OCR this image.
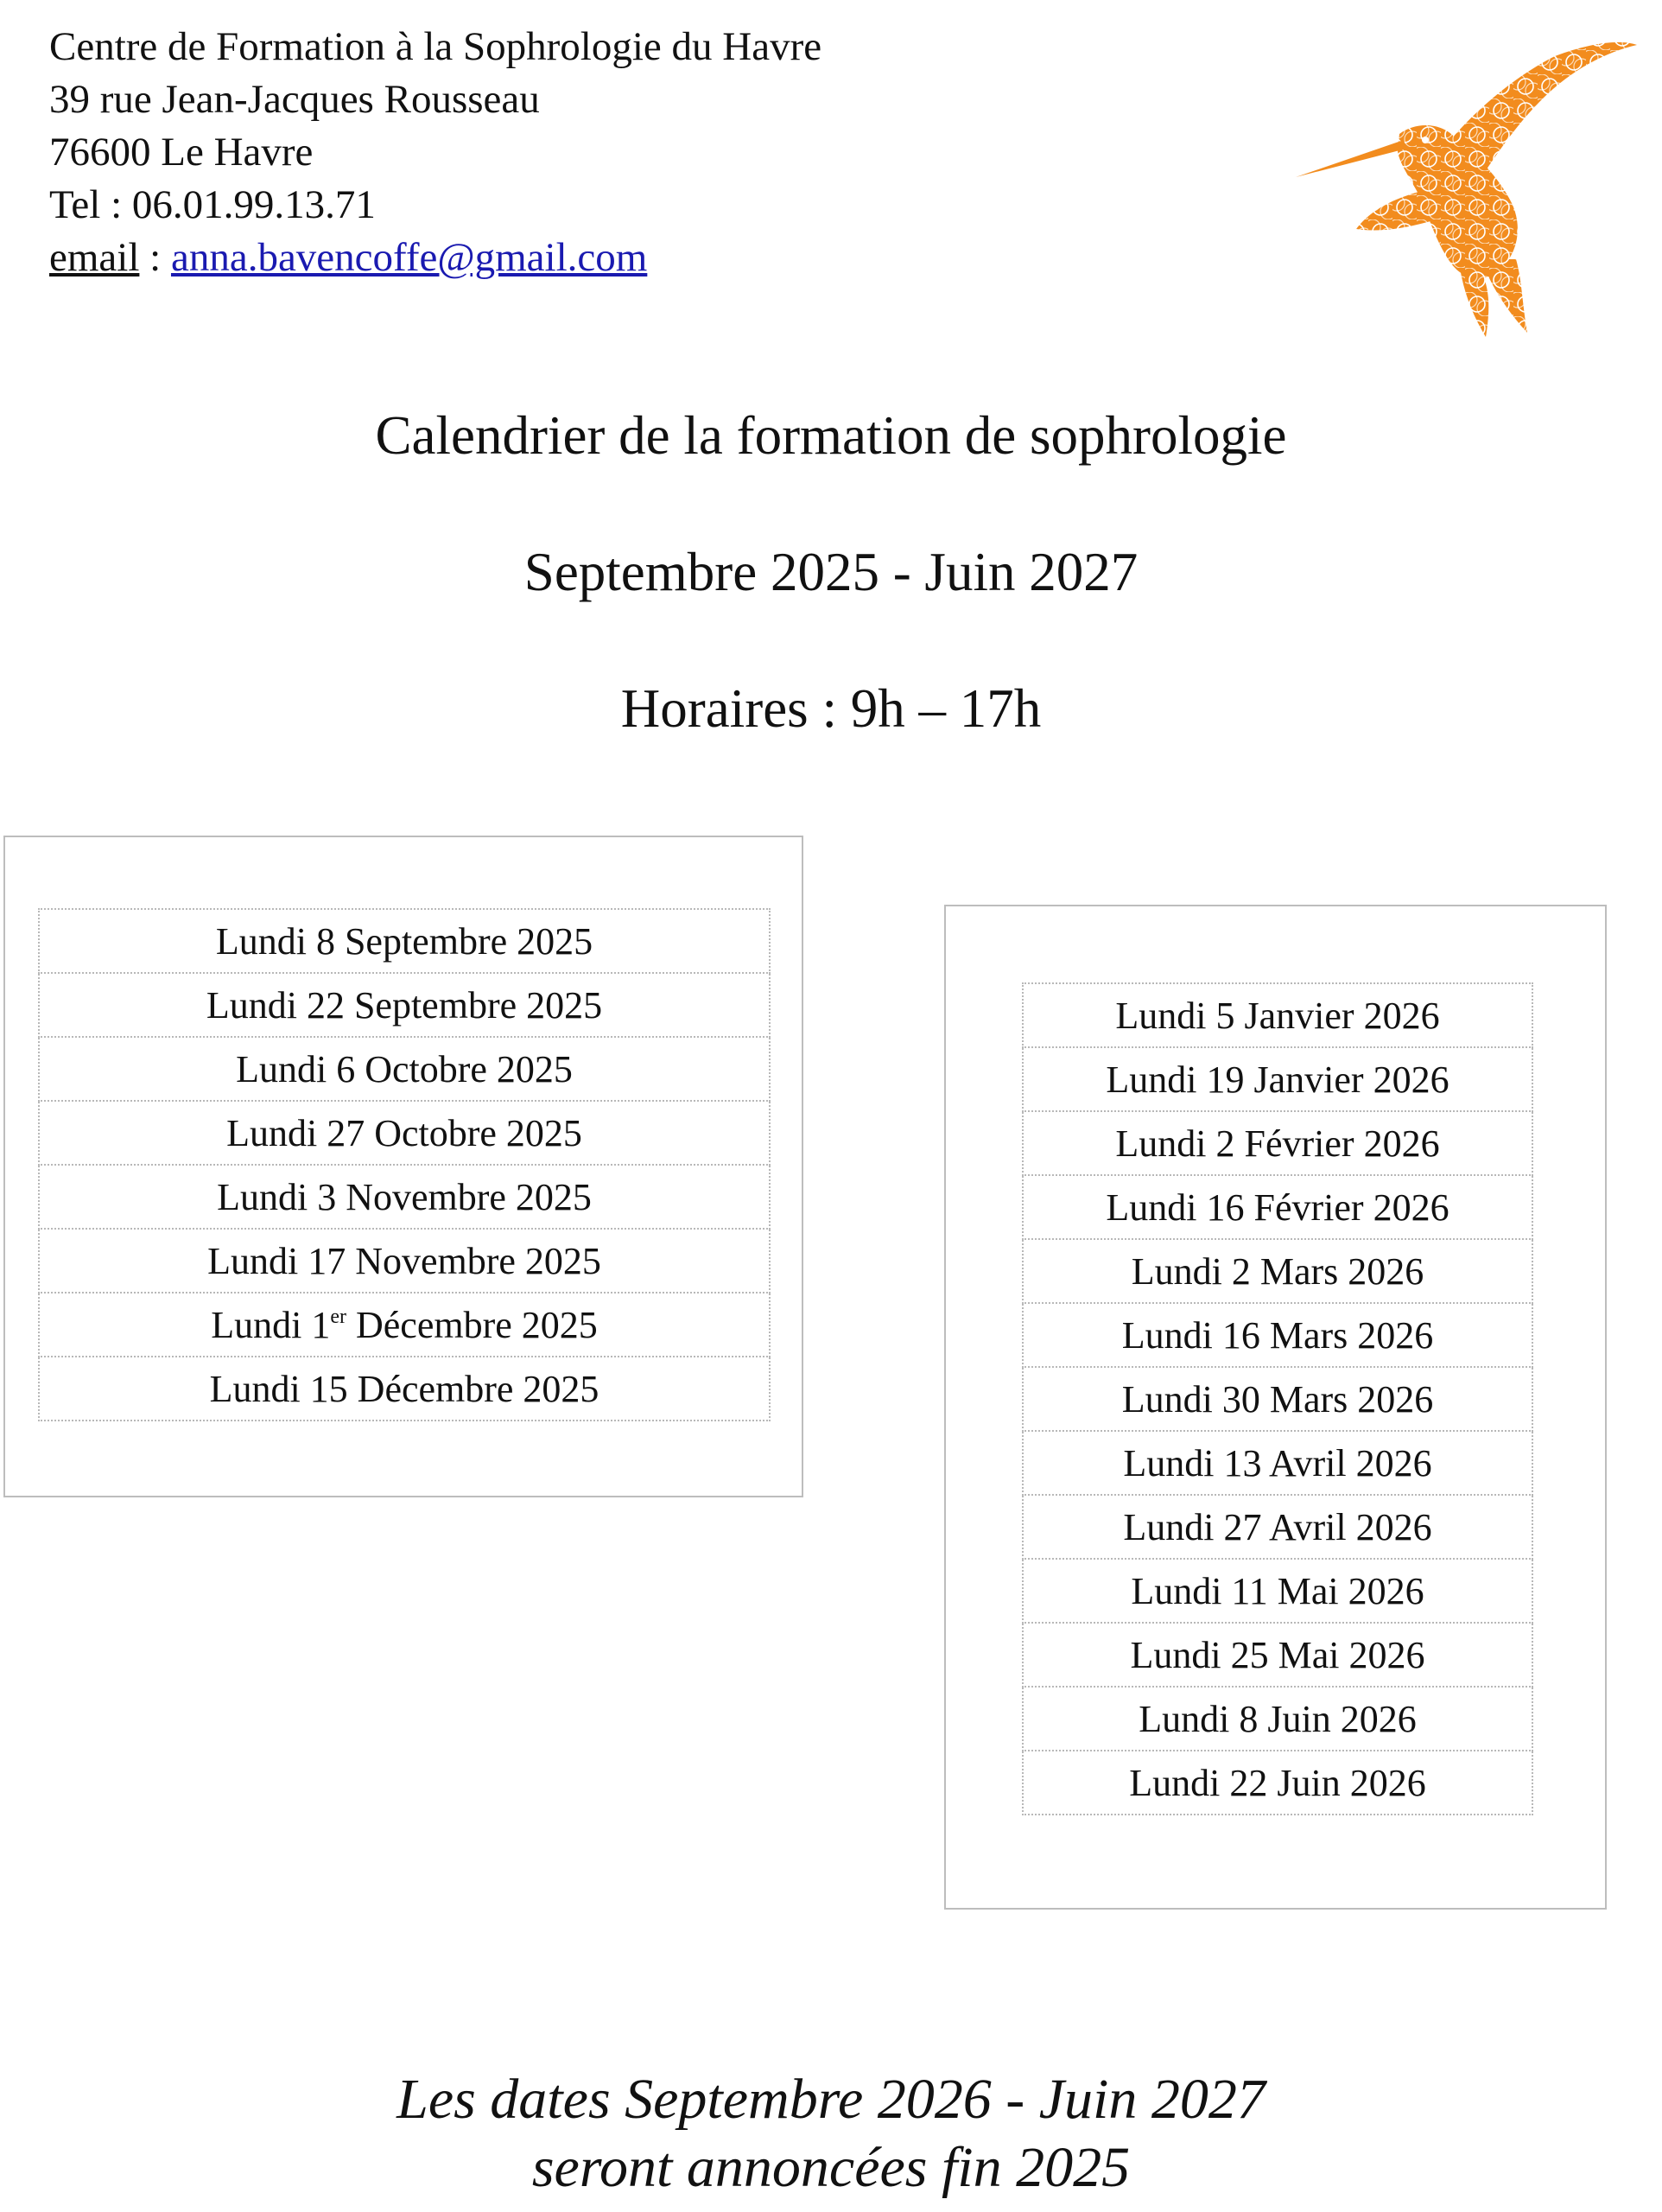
Centre de Formation à la Sophrologie du Havre
39 rue Jean-Jacques Rousseau
76600 Le Havre
Tel : 06.01.99.13.71
email : anna.bavencoffe@gmail.com
Calendrier de la formation de sophrologie
Septembre 2025 - Juin 2027
Horaires : 9h – 17h
Lundi 8 Septembre 2025
Lundi 22 Septembre 2025
Lundi 6 Octobre 2025
Lundi 27 Octobre 2025
Lundi 3 Novembre 2025
Lundi 17 Novembre 2025
Lundi 1er Décembre 2025
Lundi 15 Décembre 2025
Lundi 5 Janvier 2026
Lundi 19 Janvier 2026
Lundi 2 Février 2026
Lundi 16 Février 2026
Lundi 2 Mars 2026
Lundi 16 Mars 2026
Lundi 30 Mars 2026
Lundi 13 Avril 2026
Lundi 27 Avril 2026
Lundi 11 Mai 2026
Lundi 25 Mai 2026
Lundi 8 Juin 2026
Lundi 22 Juin 2026
Les dates Septembre 2026 - Juin 2027
seront annoncées fin 2025
